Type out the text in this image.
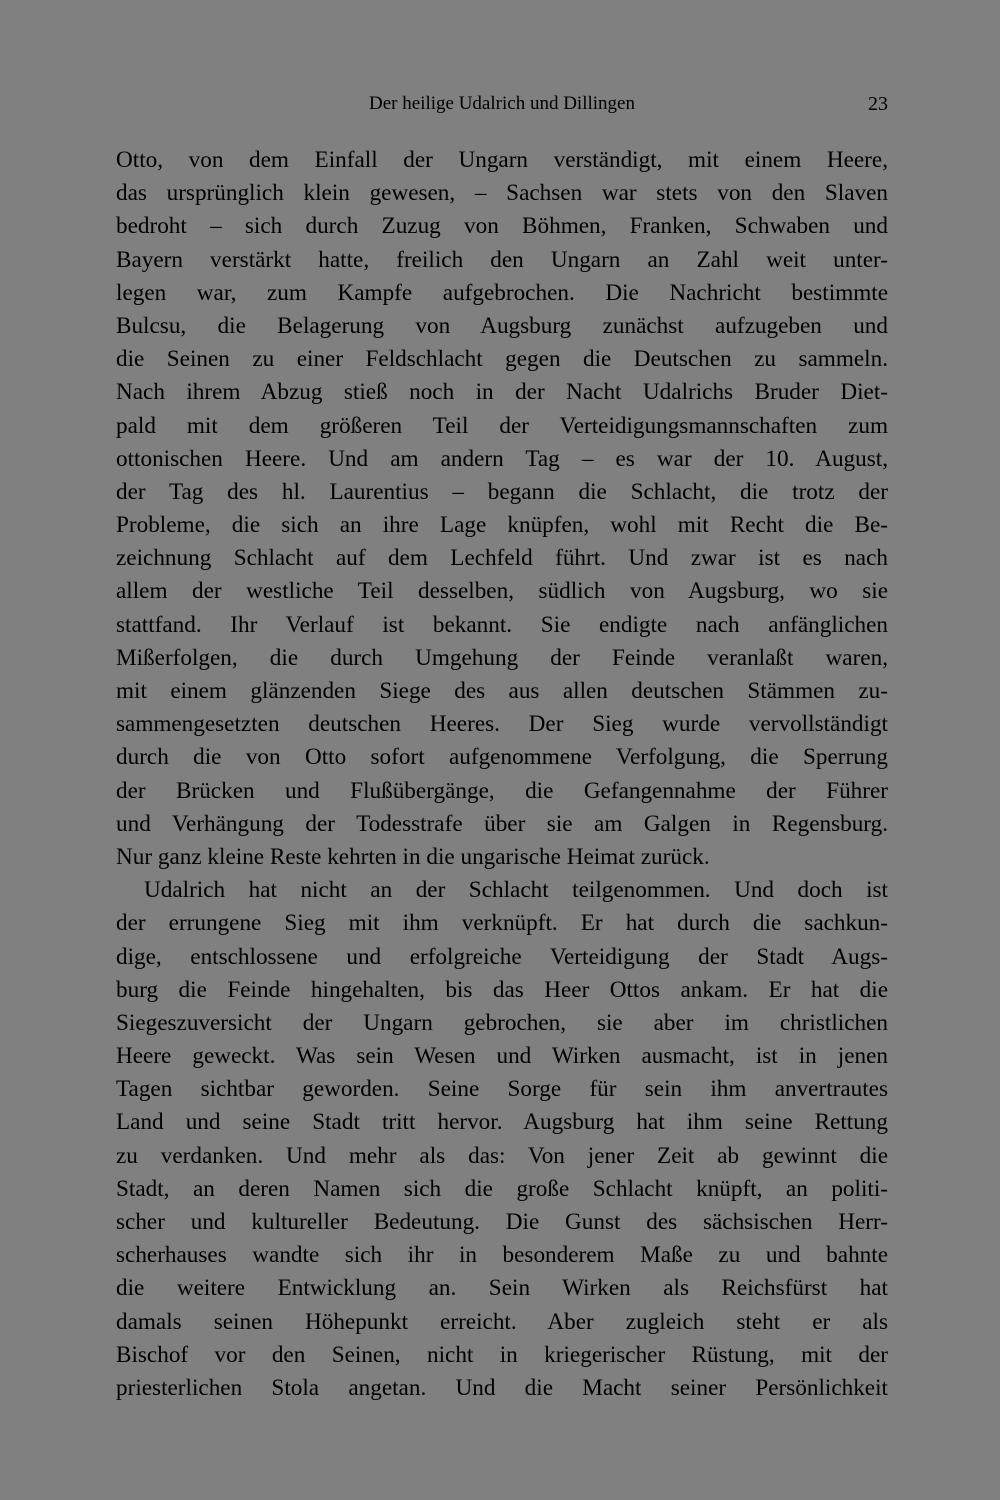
Der heilige Udalrich und Dillingen	23
Otto, von dem Einfall der Ungarn verständigt, mit einem Heere,
das ursprünglich klein gewesen, – Sachsen war stets von den Slaven
bedroht – sich durch Zuzug von Böhmen, Franken, Schwaben und
Bayern verstärkt hatte, freilich den Ungarn an Zahl weit unter-
legen war, zum Kampfe aufgebrochen. Die Nachricht bestimmte
Bulcsu, die Belagerung von Augsburg zunächst aufzugeben und
die Seinen zu einer Feldschlacht gegen die Deutschen zu sammeln.
Nach ihrem Abzug stieß noch in der Nacht Udalrichs Bruder Diet-
pald mit dem größeren Teil der Verteidigungsmannschaften zum
ottonischen Heere. Und am andern Tag – es war der 10. August,
der Tag des hl. Laurentius – begann die Schlacht, die trotz der
Probleme, die sich an ihre Lage knüpfen, wohl mit Recht die Be-
zeichnung Schlacht auf dem Lechfeld führt. Und zwar ist es nach
allem der westliche Teil desselben, südlich von Augsburg, wo sie
stattfand. Ihr Verlauf ist bekannt. Sie endigte nach anfänglichen
Mißerfolgen, die durch Umgehung der Feinde veranlaßt waren,
mit einem glänzenden Siege des aus allen deutschen Stämmen zu-
sammengesetzten deutschen Heeres. Der Sieg wurde vervollständigt
durch die von Otto sofort aufgenommene Verfolgung, die Sperrung
der Brücken und Flußübergänge, die Gefangennahme der Führer
und Verhängung der Todesstrafe über sie am Galgen in Regensburg.
Nur ganz kleine Reste kehrten in die ungarische Heimat zurück.
Udalrich hat nicht an der Schlacht teilgenommen. Und doch ist
der errungene Sieg mit ihm verknüpft. Er hat durch die sachkun-
dige, entschlossene und erfolgreiche Verteidigung der Stadt Augs-
burg die Feinde hingehalten, bis das Heer Ottos ankam. Er hat die
Siegeszuversicht der Ungarn gebrochen, sie aber im christlichen
Heere geweckt. Was sein Wesen und Wirken ausmacht, ist in jenen
Tagen sichtbar geworden. Seine Sorge für sein ihm anvertrautes
Land und seine Stadt tritt hervor. Augsburg hat ihm seine Rettung
zu verdanken. Und mehr als das: Von jener Zeit ab gewinnt die
Stadt, an deren Namen sich die große Schlacht knüpft, an politi-
scher und kultureller Bedeutung. Die Gunst des sächsischen Herr-
scherhauses wandte sich ihr in besonderem Maße zu und bahnte
die weitere Entwicklung an. Sein Wirken als Reichsfürst hat
damals seinen Höhepunkt erreicht. Aber zugleich steht er als
Bischof vor den Seinen, nicht in kriegerischer Rüstung, mit der
priesterlichen Stola angetan. Und die Macht seiner Persönlichkeit
